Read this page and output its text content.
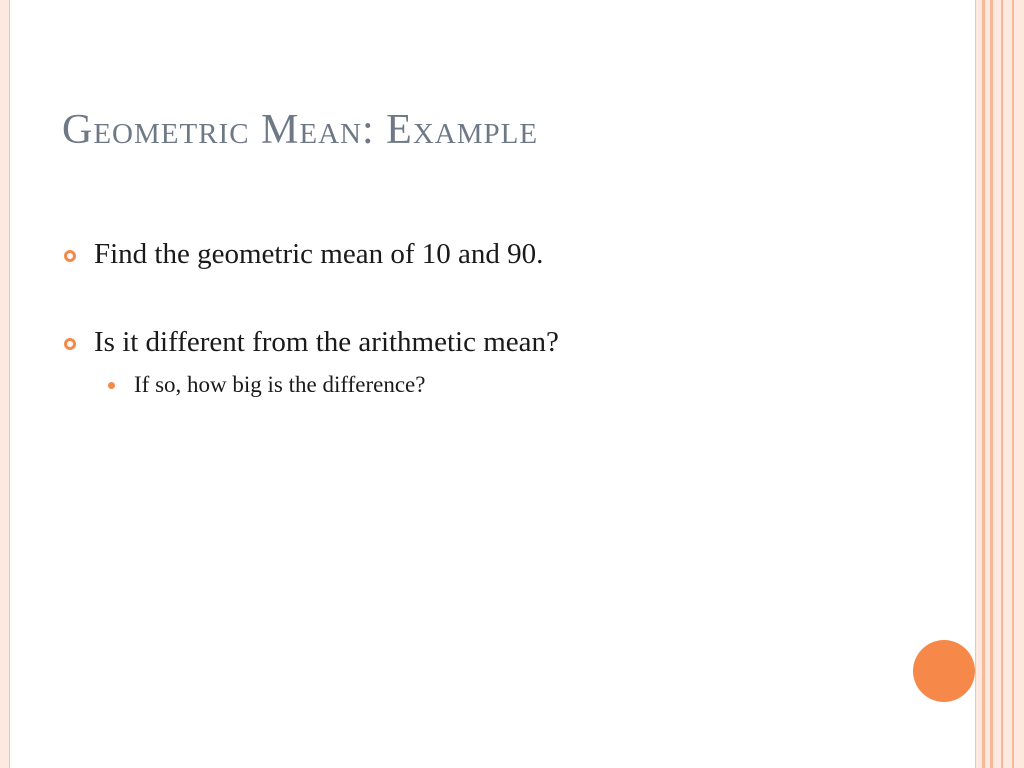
Geometric Mean: Example
Find the geometric mean of 10 and 90.
Is it different from the arithmetic mean?
If so, how big is the difference?
